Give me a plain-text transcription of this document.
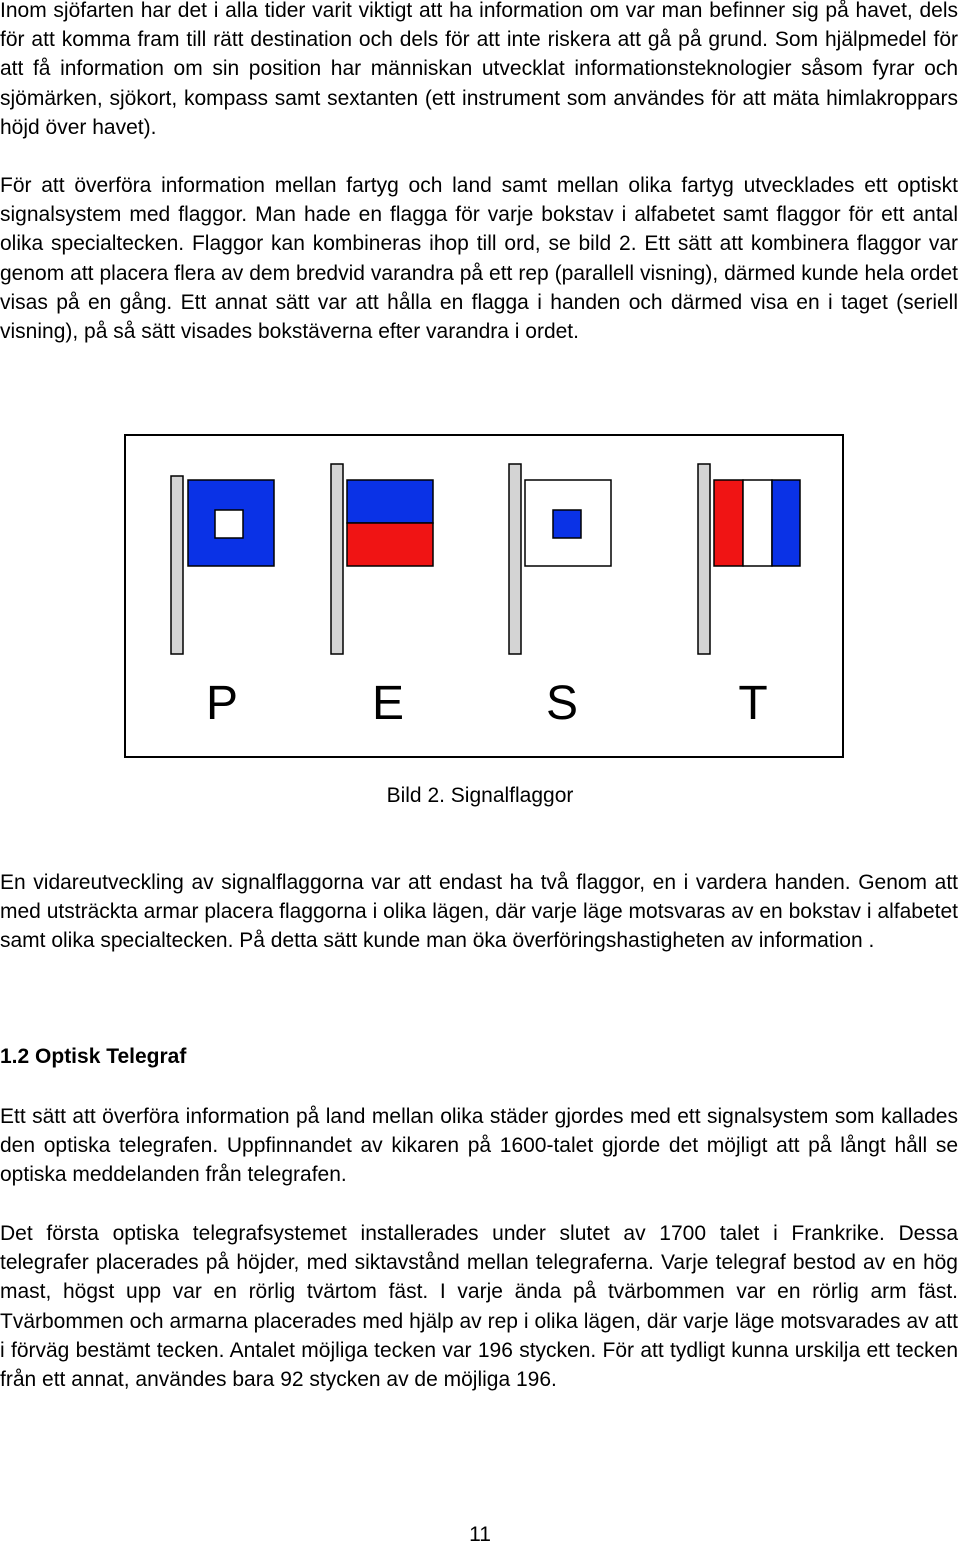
Inom sjöfarten har det i alla tider varit viktigt att ha information om var man befinner sig på havet, dels för att komma fram till rätt destination och dels för att inte riskera att gå på grund. Som hjälpmedel för att få information om sin position har människan utvecklat informationsteknologier såsom fyrar och sjömärken, sjökort, kompass samt sextanten (ett instrument som användes för att mäta himlakroppars höjd över havet).

För att överföra information mellan fartyg och land samt mellan olika fartyg utvecklades ett optiskt signalsystem med flaggor. Man hade en flagga för varje bokstav i alfabetet samt flaggor för ett antal olika specialtecken. Flaggor kan kombineras ihop till ord, se bild 2. Ett sätt att kombinera flaggor var genom att placera flera av dem bredvid varandra på ett rep (parallell visning), därmed kunde hela ordet visas på en gång. Ett annat sätt var att hålla en flagga i handen och därmed visa en i taget (seriell visning), på så sätt visades bokstäverna efter varandra i ordet.

P	E	S	T
Bild 2. Signalflaggor

En vidareutveckling av signalflaggorna var att endast ha två flaggor, en i vardera handen. Genom att med utsträckta armar placera flaggorna i olika lägen, där varje läge motsvaras av en bokstav i alfabetet samt olika specialtecken. På detta sätt kunde man öka överföringshastigheten av information .

1.2 Optisk Telegraf

Ett sätt att överföra information på land mellan olika städer gjordes med ett signalsystem som kallades den optiska telegrafen. Uppfinnandet av kikaren på 1600-talet gjorde det möjligt att på långt håll se optiska meddelanden från telegrafen.

Det första optiska telegrafsystemet installerades under slutet av 1700 talet i Frankrike. Dessa telegrafer placerades på höjder, med siktavstånd mellan telegraferna. Varje telegraf bestod av en hög mast, högst upp var en rörlig tvärtom fäst. I varje ända på tvärbommen var en rörlig arm fäst. Tvärbommen och armarna placerades med hjälp av rep i olika lägen, där varje läge motsvarades av att i förväg bestämt tecken. Antalet möjliga tecken var 196 stycken. För att tydligt kunna urskilja ett tecken från ett annat, användes bara 92 stycken av de möjliga 196.

11
